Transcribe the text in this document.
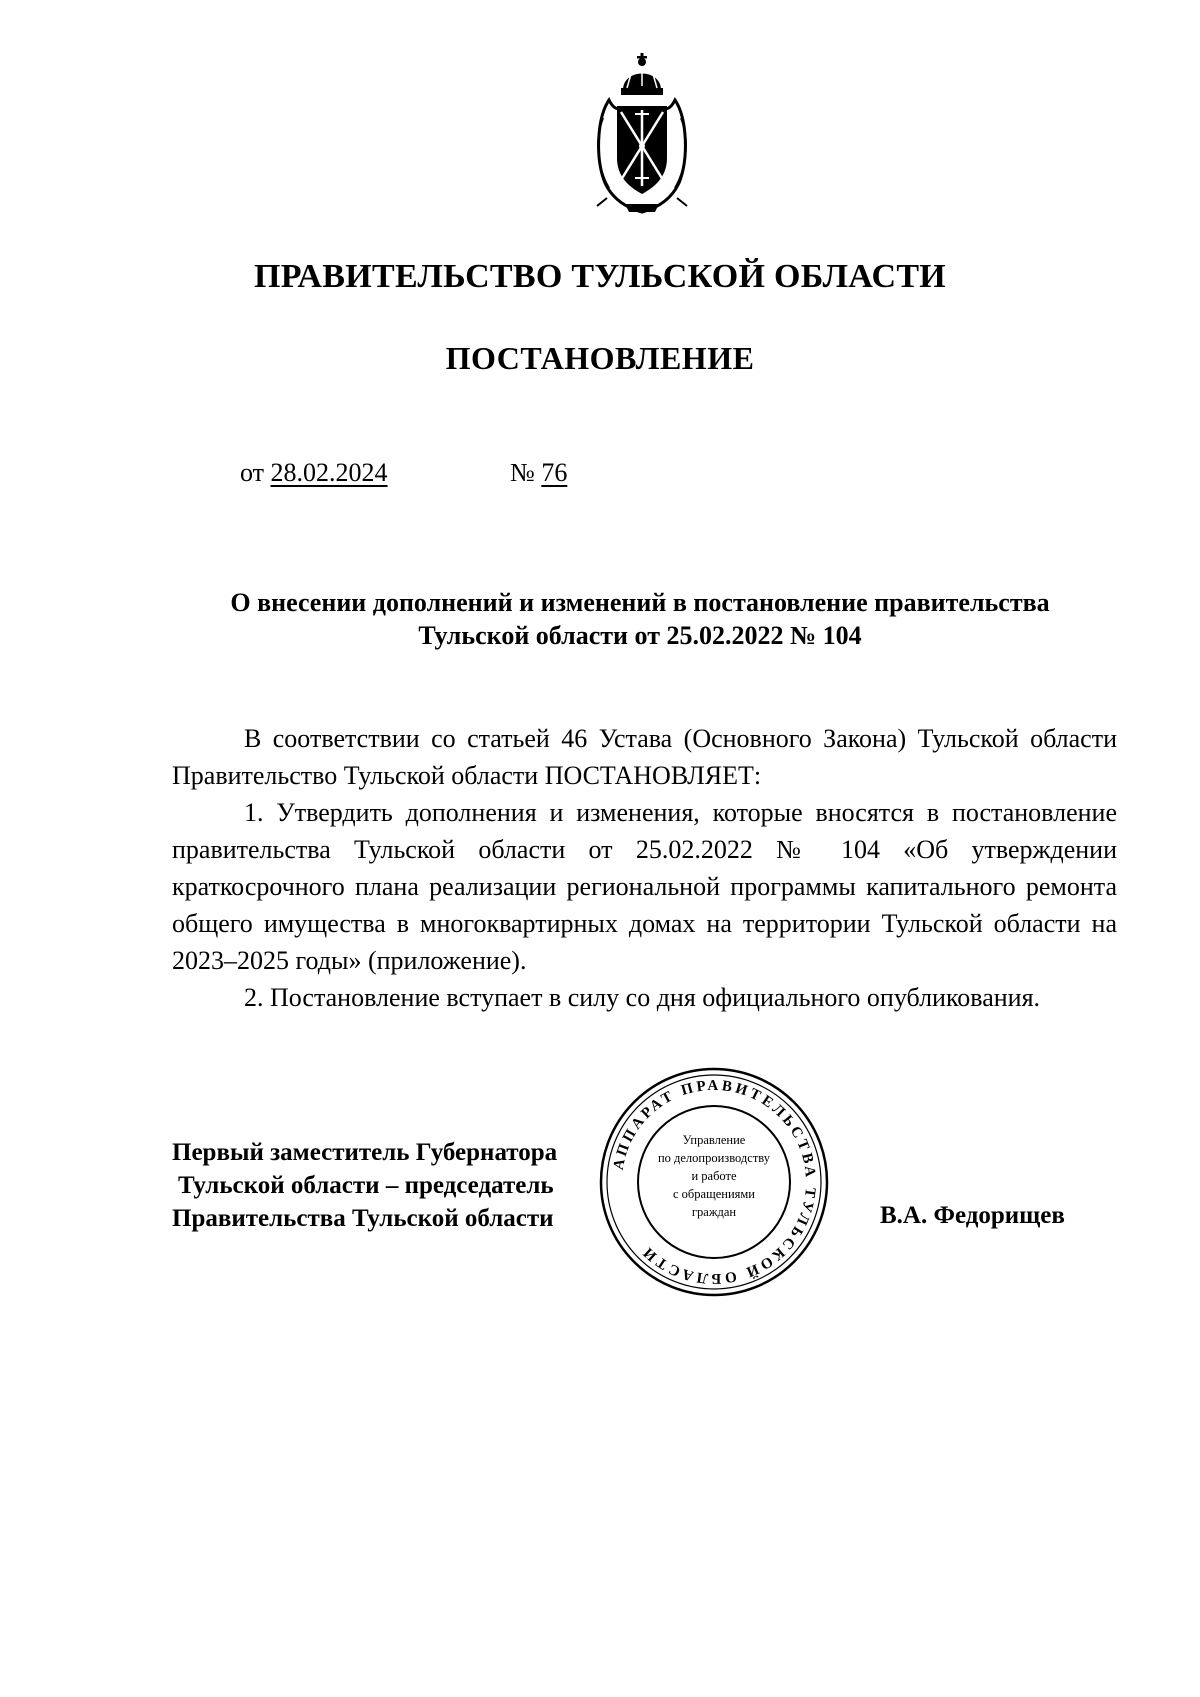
ПРАВИТЕЛЬСТВО ТУЛЬСКОЙ ОБЛАСТИ
ПОСТАНОВЛЕНИЕ
от 28.02.2024	№ 76
О внесении дополнений и изменений в постановление правительства
Тульской области от 25.02.2022 № 104

В соответствии со статьей 46 Устава (Основного Закона) Тульской области Правительство Тульской области ПОСТАНОВЛЯЕТ:

1. Утвердить дополнения и изменения, которые вносятся в постановление правительства Тульской области от 25.02.2022 № 104 «Об утверждении краткосрочного плана реализации региональной программы капитального ремонта общего имущества в многоквартирных домах на территории Тульской области на 2023–2025 годы» (приложение).

2. Постановление вступает в силу со дня официального опубликования.

Первый заместитель Губернатора
Тульской области – председатель
Правительства Тульской области	В.А. Федорищев
АППАРАТ ПРАВИТЕЛЬСТВА ТУЛЬСКОЙ ОБЛАСТИ
Управление
по делопроизводству
и работе
с обращениями
граждан
